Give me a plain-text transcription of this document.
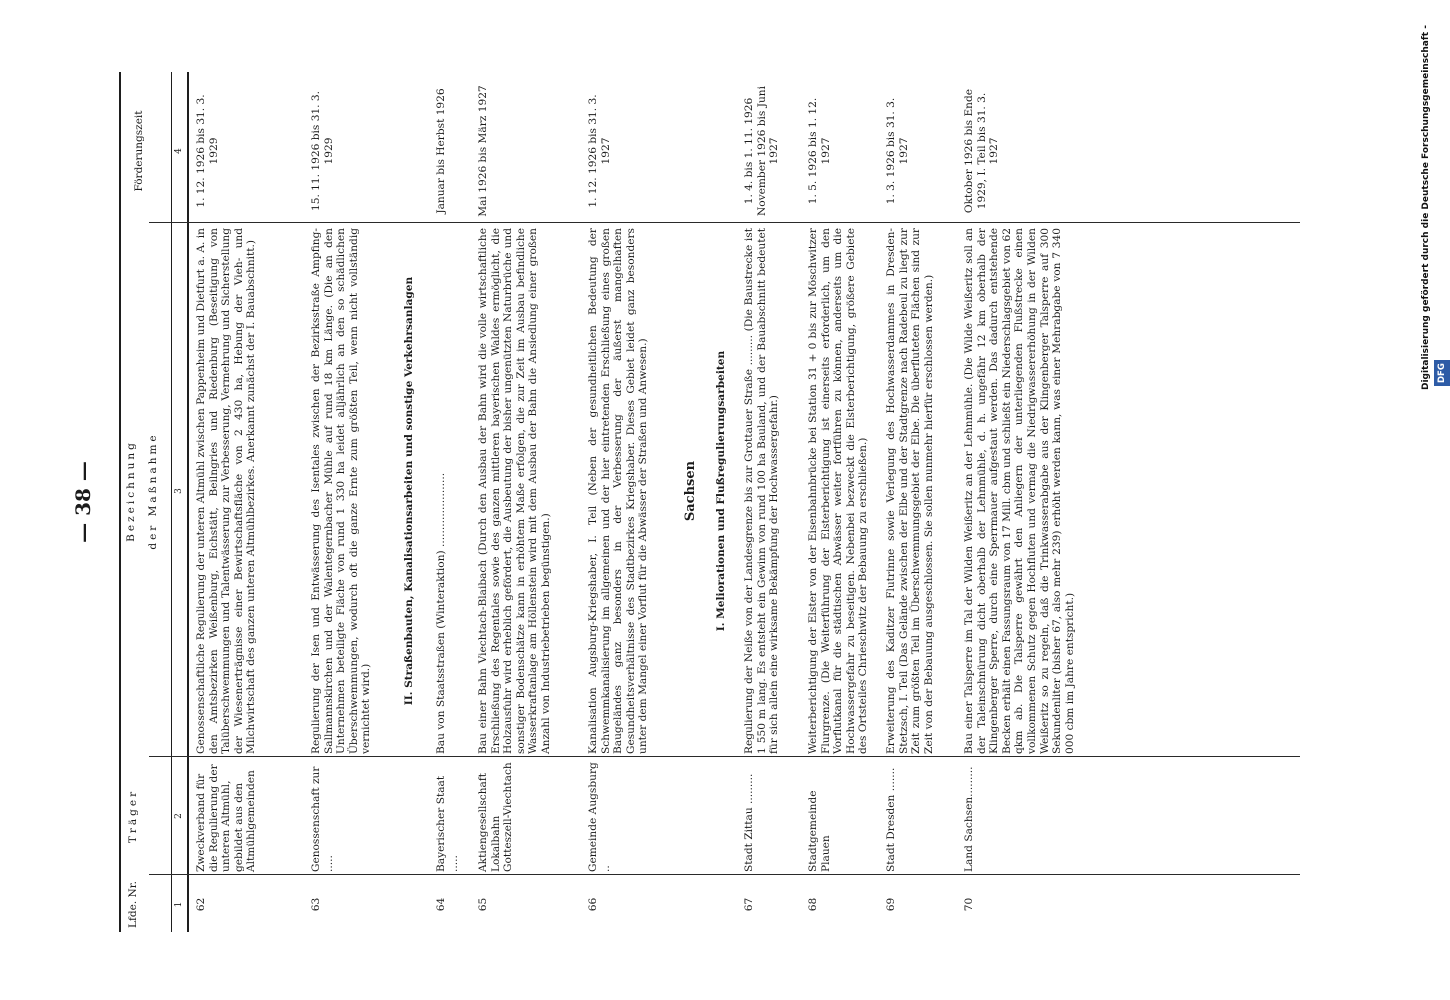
— 38 —
Lfde. Nr.
Träger
Bezeichnung der Maßnahme
Förderungszeit
1
2
3
4
62
Zweckverband für die Regulierung der unteren Altmühl, gebildet aus den Altmühlgemeinden
Genossenschaftliche Regulierung der unteren Altmühl zwischen Pappenheim und Dietfurt a. A. in den Amtsbezirken Weißenburg, Eichstätt, Beilngries und Riedenburg (Beseitigung von Talüberschwemmungen und Talentwässerung zur Verbesserung, Vermehrung und Sicherstellung der Wiesenerträgnisse einer Bewirtschaftsfläche von 2 430 ha, Hebung der Vieh- und Milchwirtschaft des ganzen unteren Altmühlbezirkes. Anerkannt zunächst der I. Bauabschnitt.)
1. 12. 1926 bis 31. 3. 1929
63
Genossenschaft zur .....
Regulierung der Isen und Entwässerung des Isentales zwischen der Bezirksstraße Ampfing-Sallmannskirchen und der Walentegernbacher Mühle auf rund 18 km Länge. (Die an den Unternehmen beteiligte Fläche von rund 1 330 ha leidet alljährlich an den so schädlichen Überschwemmungen, wodurch oft die ganze Ernte zum größten Teil, wenn nicht vollständig vernichtet wird.)
15. 11. 1926 bis 31. 3. 1929
II. Straßenbauten, Kanalisationsarbeiten und sonstige Verkehrsanlagen
64
Bayerischer Staat .....
Bau von Staatsstraßen (Winteraktion) ......................
Januar bis Herbst 1926
65
Aktiengesellschaft Lokalbahn Gotteszell-Viechtach
Bau einer Bahn Viechtach-Blaibach (Durch den Ausbau der Bahn wird die volle wirtschaftliche Erschließung des Regentales sowie des ganzen mittleren bayerischen Waldes ermöglicht, die Holzausfuhr wird erheblich gefördert, die Ausbeutung der bisher ungenützten Naturbrüche und sonstiger Bodenschätze kann in erhöhtem Maße erfolgen, die zur Zeit im Ausbau befindliche Wasserkraftanlage am Höllenstein wird mit dem Ausbau der Bahn die Ansiedlung einer großen Anzahl von Industriebetrieben begünstigen.)
Mai 1926 bis März 1927
66
Gemeinde Augsburg ..
Kanalisation Augsburg-Kriegshaber, I. Teil (Neben der gesundheitlichen Bedeutung der Schwemmkanalisierung im allgemeinen und der hier eintretenden Erschließung eines großen Baugeländes ganz besonders in der Verbesserung der äußerst mangelhaften Gesundheitsverhältnisse des Stadtbezirkes Kriegshaber. Dieses Gebiet leidet ganz besonders unter dem Mangel einer Vorflut für die Abwässer der Straßen und Anwesen.)
1. 12. 1926 bis 31. 3. 1927
Sachsen I. Meliorationen und Flußregulierungsarbeiten
67
Stadt Zittau .........
Regulierung der Neiße von der Landesgrenze bis zur Grottauer Straße ......... (Die Baustrecke ist 1 550 m lang. Es entsteht ein Gewinn von rund 100 ha Bauland, und der Bauabschnitt bedeutet für sich allein eine wirksame Bekämpfung der Hochwassergefahr.)
1. 4. bis 1. 11. 1926 November 1926 bis Juni 1927
68
Stadtgemeinde Plauen
Weiterberichtigung der Elster von der Eisenbahnbrücke bei Station 31 + 0 bis zur Möschwitzer Flurgrenze. (Die Weiterführung der Elsterberichtigung ist einerseits erforderlich, um den Vorflutkanal für die städtischen Abwässer weiter fortführen zu können, anderseits um die Hochwassergefahr zu beseitigen. Nebenbei bezweckt die Elsterberichtigung, größere Gebiete des Ortsteiles Chrieschwitz der Bebauung zu erschließen.)
1. 5. 1926 bis 1. 12. 1927
69
Stadt Dresden .......
Erweiterung des Kaditzer Flutrinne sowie Verlegung des Hochwasserdammes in Dresden-Stetzsch, I. Teil (Das Gelände zwischen der Elbe und der Stadtgrenze nach Radebeul zu liegt zur Zeit zum größten Teil im Überschwemmungsgebiet der Elbe. Die überfluteten Flächen sind zur Zeit von der Bebauung ausgeschlossen. Sie sollen nunmehr hierfür erschlossen werden.)
1. 3. 1926 bis 31. 3. 1927
70
Land Sachsen.........
Bau einer Talsperre im Tal der Wilden Weißeritz an der Lehnmühle. (Die Wilde Weißeritz soll an der Taleinschnürung dicht oberhalb der Lehnmühle, d. h. ungefähr 12 km oberhalb der Klingenberger Sperre, durch eine Sperrmauer aufgestaut werden. Das dadurch entstehende Becken erhält einen Fassungsraum von 17 Mill. cbm und schließt ein Niederschlagsgebiet von 62 qkm ab. Die Talsperre gewährt den Anliegern der unterliegenden Flußstrecke einen vollkommenen Schutz gegen Hochfluten und vermag die Niedrigwassererhöhung in der Wilden Weißeritz so zu regeln, daß die Trinkwasserabgabe aus der Klingenberger Talsperre auf 300 Sekundenliter (bisher 67, also mehr 239) erhöht werden kann, was einer Mehrabgabe von 7 340 000 cbm im Jahre entspricht.)
Oktober 1926 bis Ende 1929, I. Teil bis 31. 3. 1927	Digitalisierung gefördert durch die Deutsche Forschungsgemeinschaft - DFG
